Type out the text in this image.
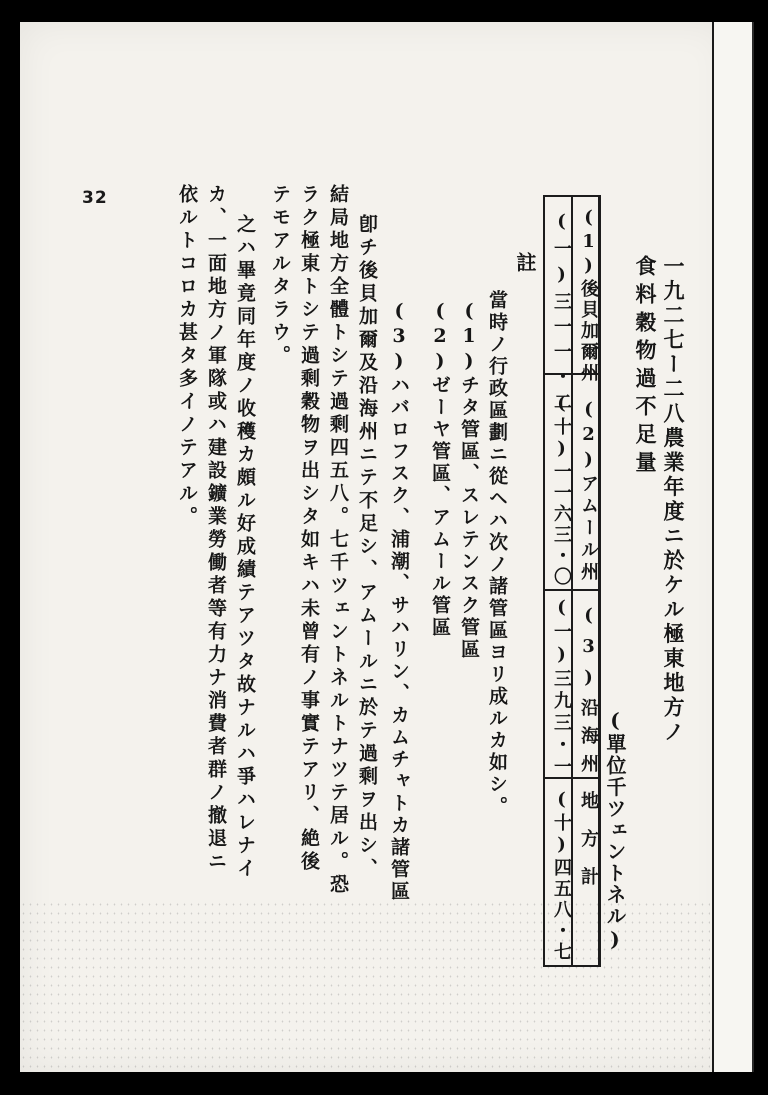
32
一九二七ー二八農業年度ニ於ケル極東地方ノ
食料穀物過不足量
(單位千ツェントネル)
(1)後貝加爾州
(一)三一一・二
(2)アムール州
(十)一一六三・〇
(3)沿海州
(一)三九三・一
地方計
(十)四五八・七
註
當時ノ行政區劃ニ從ヘハ次ノ諸管區ヨリ成ルカ如シ。
(1)チタ管區、スレテンスク管區
(2)ゼーヤ管區、アムール管區
(3)ハバロフスク、浦潮、サハリン、カムチャトカ諸管區
卽チ後貝加爾及沿海州ニテ不足シ、アムールニ於テ過剩ヲ出シ、
結局地方全體トシテ過剩四五八。七千ツェントネルトナツテ居ル。恐
ラク極東トシテ過剩穀物ヲ出シタ如キハ未曾有ノ事實テアリ、絶後
テモアルタラウ。
之ハ畢竟同年度ノ收穫カ頗ル好成績テアツタ故ナルハ爭ハレナイ
カ、一面地方ノ軍隊或ハ建設鑛業勞働者等有力ナ消費者群ノ撤退ニ
依ルトコロカ甚タ多イノテアル。
